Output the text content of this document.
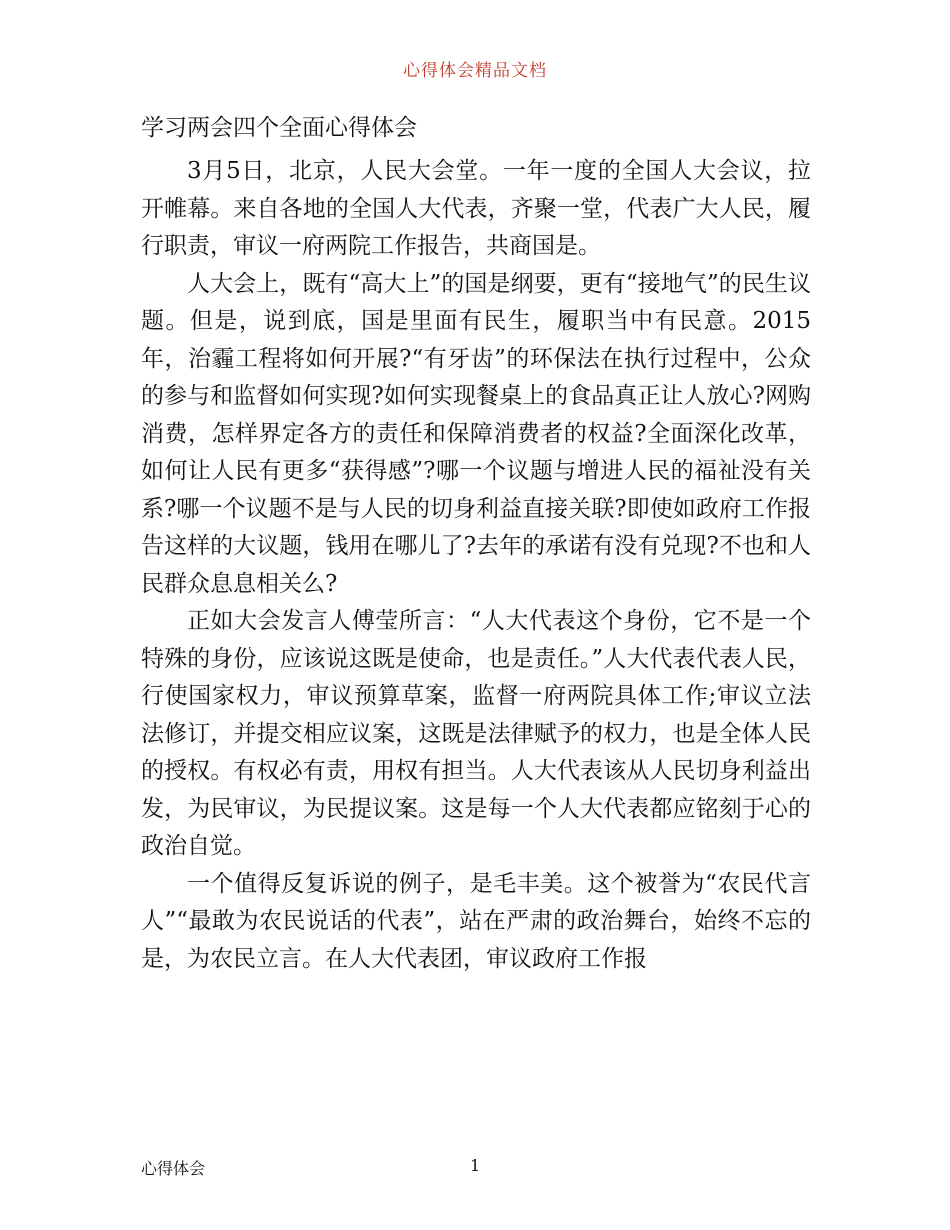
心得体会精品文档
学习两会四个全面心得体会

3月5日，北京，人民大会堂。一年一度的全国人大会议，拉开帷幕。来自各地的全国人大代表，齐聚一堂，代表广大人民，履行职责，审议一府两院工作报告，共商国是。

人大会上，既有“高大上”的国是纲要，更有“接地气”的民生议题。但是，说到底，国是里面有民生，履职当中有民意。2015年，治霾工程将如何开展?“有牙齿”的环保法在执行过程中，公众的参与和监督如何实现?如何实现餐桌上的食品真正让人放心?网购消费，怎样界定各方的责任和保障消费者的权益?全面深化改革，如何让人民有更多“获得感”?哪一个议题与增进人民的福祉没有关系?哪一个议题不是与人民的切身利益直接关联?即使如政府工作报告这样的大议题，钱用在哪儿了?去年的承诺有没有兑现?不也和人民群众息息相关么?

正如大会发言人傅莹所言：“人大代表这个身份，它不是一个特殊的身份，应该说这既是使命，也是责任。”人大代表代表人民，行使国家权力，审议预算草案，监督一府两院具体工作;审议立法法修订，并提交相应议案，这既是法律赋予的权力，也是全体人民的授权。有权必有责，用权有担当。人大代表该从人民切身利益出发，为民审议，为民提议案。这是每一个人大代表都应铭刻于心的政治自觉。

一个值得反复诉说的例子，是毛丰美。这个被誉为“农民代言人”“最敢为农民说话的代表”，站在严肃的政治舞台，始终不忘的是，为农民立言。在人大代表团，审议政府工作报

心得体会	1
